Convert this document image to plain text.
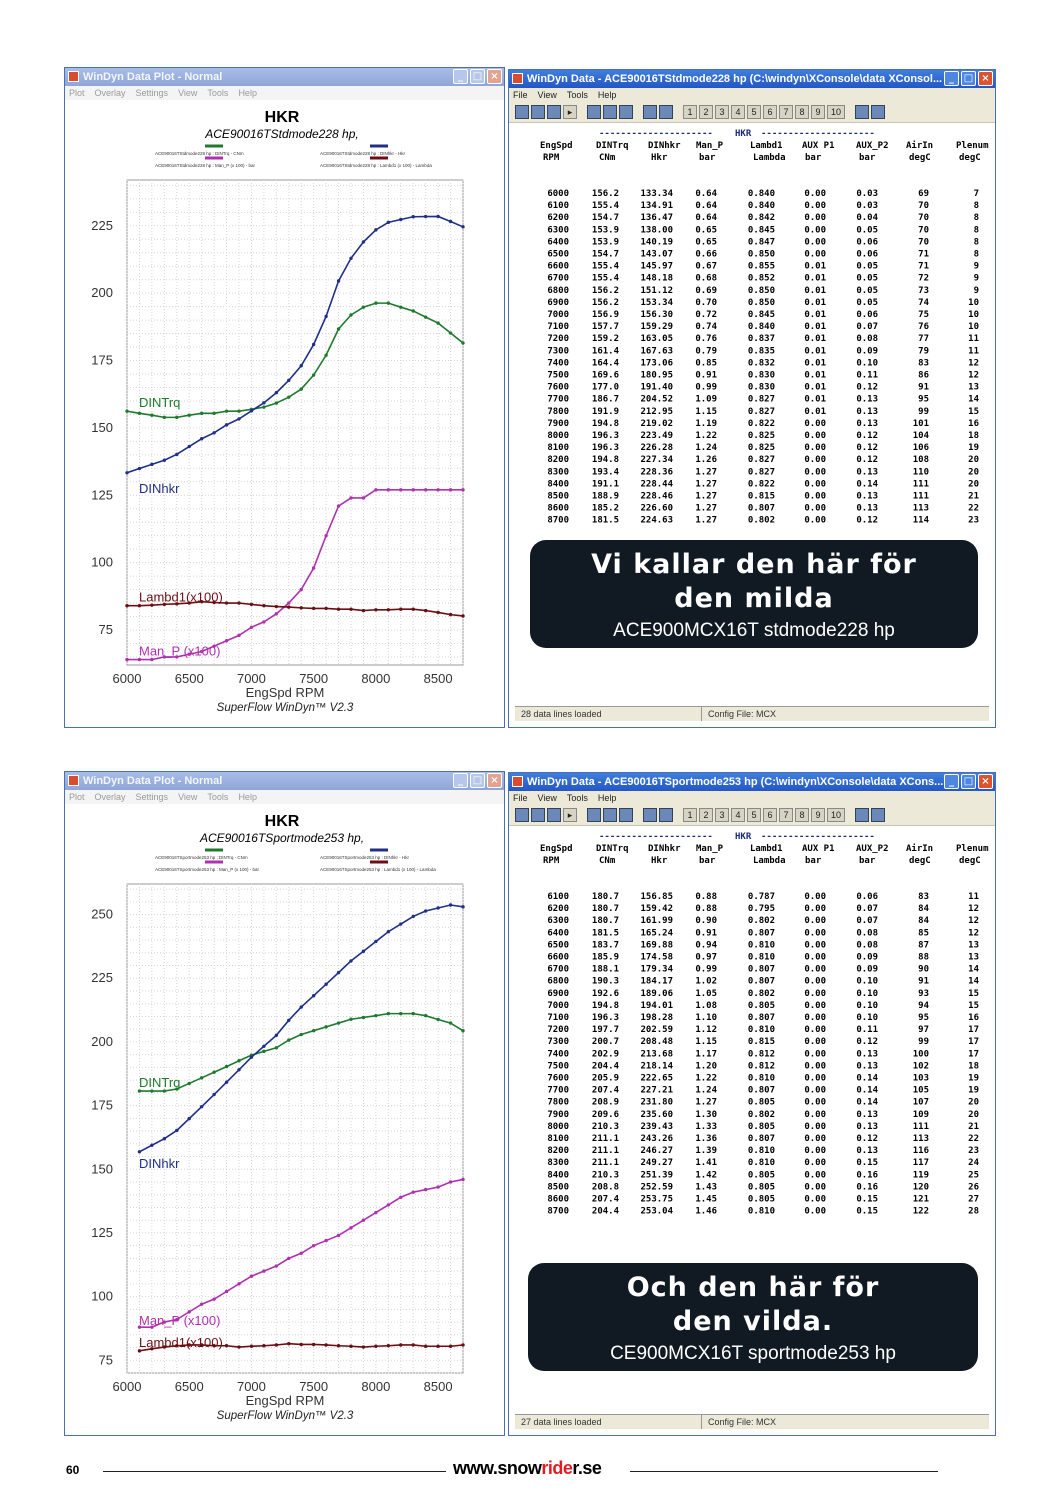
WinDyn Data Plot - Normal	_ □ ×
Plot Overlay Settings View Tools Help
HKR
ACE90016TStdmode228 hp,
ACE90016TStdmode228 hp : DINTrq - CNm	ACE90016TStdmode228 hp : DINhkr - Hkr
ACE90016TStdmode228 hp : Man_P (x 100) - bar	ACE90016TStdmode228 hp : Lambd1 (x 100) - Lambda
75
100
125
150
175
200
225
6000	6500	7000	7500	8000	8500
EngSpd RPM
SuperFlow WinDyn™ V2.3
DINTrq
DINhkr
Man_P (x100)
Lambd1(x100)
WinDyn Data - ACE90016TStdmode228 hp (C:\windyn\XConsole\data XConsol... _ □ ×
File View Tools Help
▸	1	2	3	4	5	6	7	8	9	10
--------------------- HKR ---------------------
EngSpd	DINTrq DINhkr Man_P	Lambd1 AUX P1 AUX_P2 AirIn	Plenum
RPM	CNm	Hkr	bar	Lambda bar	bar	degC	degC
6000	156.2 133.34 0.64	0.840	0.00	0.03	69	7
6100	155.4 134.91 0.64	0.840	0.00	0.03	70	8
6200	154.7 136.47 0.64	0.842	0.00	0.04	70	8
6300	153.9 138.00 0.65	0.845	0.00	0.05	70	8
6400	153.9 140.19 0.65	0.847	0.00	0.06	70	8
6500	154.7 143.07 0.66	0.850	0.00	0.06	71	8
6600	155.4 145.97 0.67	0.855	0.01	0.05	71	9
6700	155.4 148.18 0.68	0.852	0.01	0.05	72	9
6800	156.2 151.12 0.69	0.850	0.01	0.05	73	9
6900	156.2 153.34 0.70	0.850	0.01	0.05	74	10
7000	156.9 156.30 0.72	0.845	0.01	0.06	75	10
7100	157.7 159.29 0.74	0.840	0.01	0.07	76	10
7200	159.2 163.05 0.76	0.837	0.01	0.08	77	11
7300	161.4 167.63 0.79	0.835	0.01	0.09	79	11
7400	164.4 173.06 0.85	0.832	0.01	0.10	83	12
7500	169.6 180.95 0.91	0.830	0.01	0.11	86	12
7600	177.0 191.40 0.99	0.830	0.01	0.12	91	13
7700	186.7 204.52 1.09	0.827	0.01	0.13	95	14
7800	191.9 212.95 1.15	0.827	0.01	0.13	99	15
7900	194.8 219.02 1.19	0.822	0.00	0.13	101	16
8000	196.3 223.49 1.22	0.825	0.00	0.12	104	18
8100	196.3 226.28 1.24	0.825	0.00	0.12	106	19
8200	194.8 227.34 1.26	0.827	0.00	0.12	108	20
8300	193.4 228.36 1.27	0.827	0.00	0.13	110	20
8400	191.1 228.44 1.27	0.822	0.00	0.14	111	20
8500	188.9 228.46 1.27	0.815	0.00	0.13	111	21
8600	185.2 226.60 1.27	0.807	0.00	0.13	113	22
8700	181.5 224.63 1.27	0.802	0.00	0.12	114	23
28 data lines loaded	Config File: MCX
Vi kallar den här för
den milda
ACE900MCX16T stdmode228 hp
WinDyn Data Plot - Normal	_ □ ×
Plot Overlay Settings View Tools Help
HKR
ACE90016TSportmode253 hp,
ACE90016TSportmode253 hp : DINTrq - CNm	ACE90016TSportmode253 hp : DINhkr - Hkr
ACE90016TSportmode253 hp : Man_P (x 100) - bar	ACE90016TSportmode253 hp : Lambd1 (x 100) - Lambda
75
100
125
150
175
200
225
250
6000	6500	7000	7500	8000	8500
EngSpd RPM
SuperFlow WinDyn™ V2.3
DINTrq
DINhkr
Man_P (x100)
Lambd1(x100)
WinDyn Data - ACE90016TSportmode253 hp (C:\windyn\XConsole\data XCons... _ □ ×
File View Tools Help
▸	1	2	3	4	5	6	7	8	9	10
--------------------- HKR ---------------------
EngSpd	DINTrq DINhkr Man_P	Lambd1 AUX P1 AUX_P2 AirIn	Plenum
RPM	CNm	Hkr	bar	Lambda bar	bar	degC	degC
6100	180.7 156.85 0.88	0.787	0.00	0.06	83	11
6200	180.7 159.42 0.88	0.795	0.00	0.07	84	12
6300	180.7 161.99 0.90	0.802	0.00	0.07	84	12
6400	181.5 165.24 0.91	0.807	0.00	0.08	85	12
6500	183.7 169.88 0.94	0.810	0.00	0.08	87	13
6600	185.9 174.58 0.97	0.810	0.00	0.09	88	13
6700	188.1 179.34 0.99	0.807	0.00	0.09	90	14
6800	190.3 184.17 1.02	0.807	0.00	0.10	91	14
6900	192.6 189.06 1.05	0.802	0.00	0.10	93	15
7000	194.8 194.01 1.08	0.805	0.00	0.10	94	15
7100	196.3 198.28 1.10	0.807	0.00	0.10	95	16
7200	197.7 202.59 1.12	0.810	0.00	0.11	97	17
7300	200.7 208.48 1.15	0.815	0.00	0.12	99	17
7400	202.9 213.68 1.17	0.812	0.00	0.13	100	17
7500	204.4 218.14 1.20	0.812	0.00	0.13	102	18
7600	205.9 222.65 1.22	0.810	0.00	0.14	103	19
7700	207.4 227.21 1.24	0.807	0.00	0.14	105	19
7800	208.9 231.80 1.27	0.805	0.00	0.14	107	20
7900	209.6 235.60 1.30	0.802	0.00	0.13	109	20
8000	210.3 239.43 1.33	0.805	0.00	0.13	111	21
8100	211.1 243.26 1.36	0.807	0.00	0.12	113	22
8200	211.1 246.27 1.39	0.810	0.00	0.13	116	23
8300	211.1 249.27 1.41	0.810	0.00	0.15	117	24
8400	210.3 251.39 1.42	0.805	0.00	0.16	119	25
8500	208.8 252.59 1.43	0.805	0.00	0.16	120	26
8600	207.4 253.75 1.45	0.805	0.00	0.15	121	27
8700	204.4 253.04 1.46	0.810	0.00	0.15	122	28
27 data lines loaded	Config File: MCX
Och den här för
den vilda.
CE900MCX16T sportmode253 hp
60	www.snowrider.se
